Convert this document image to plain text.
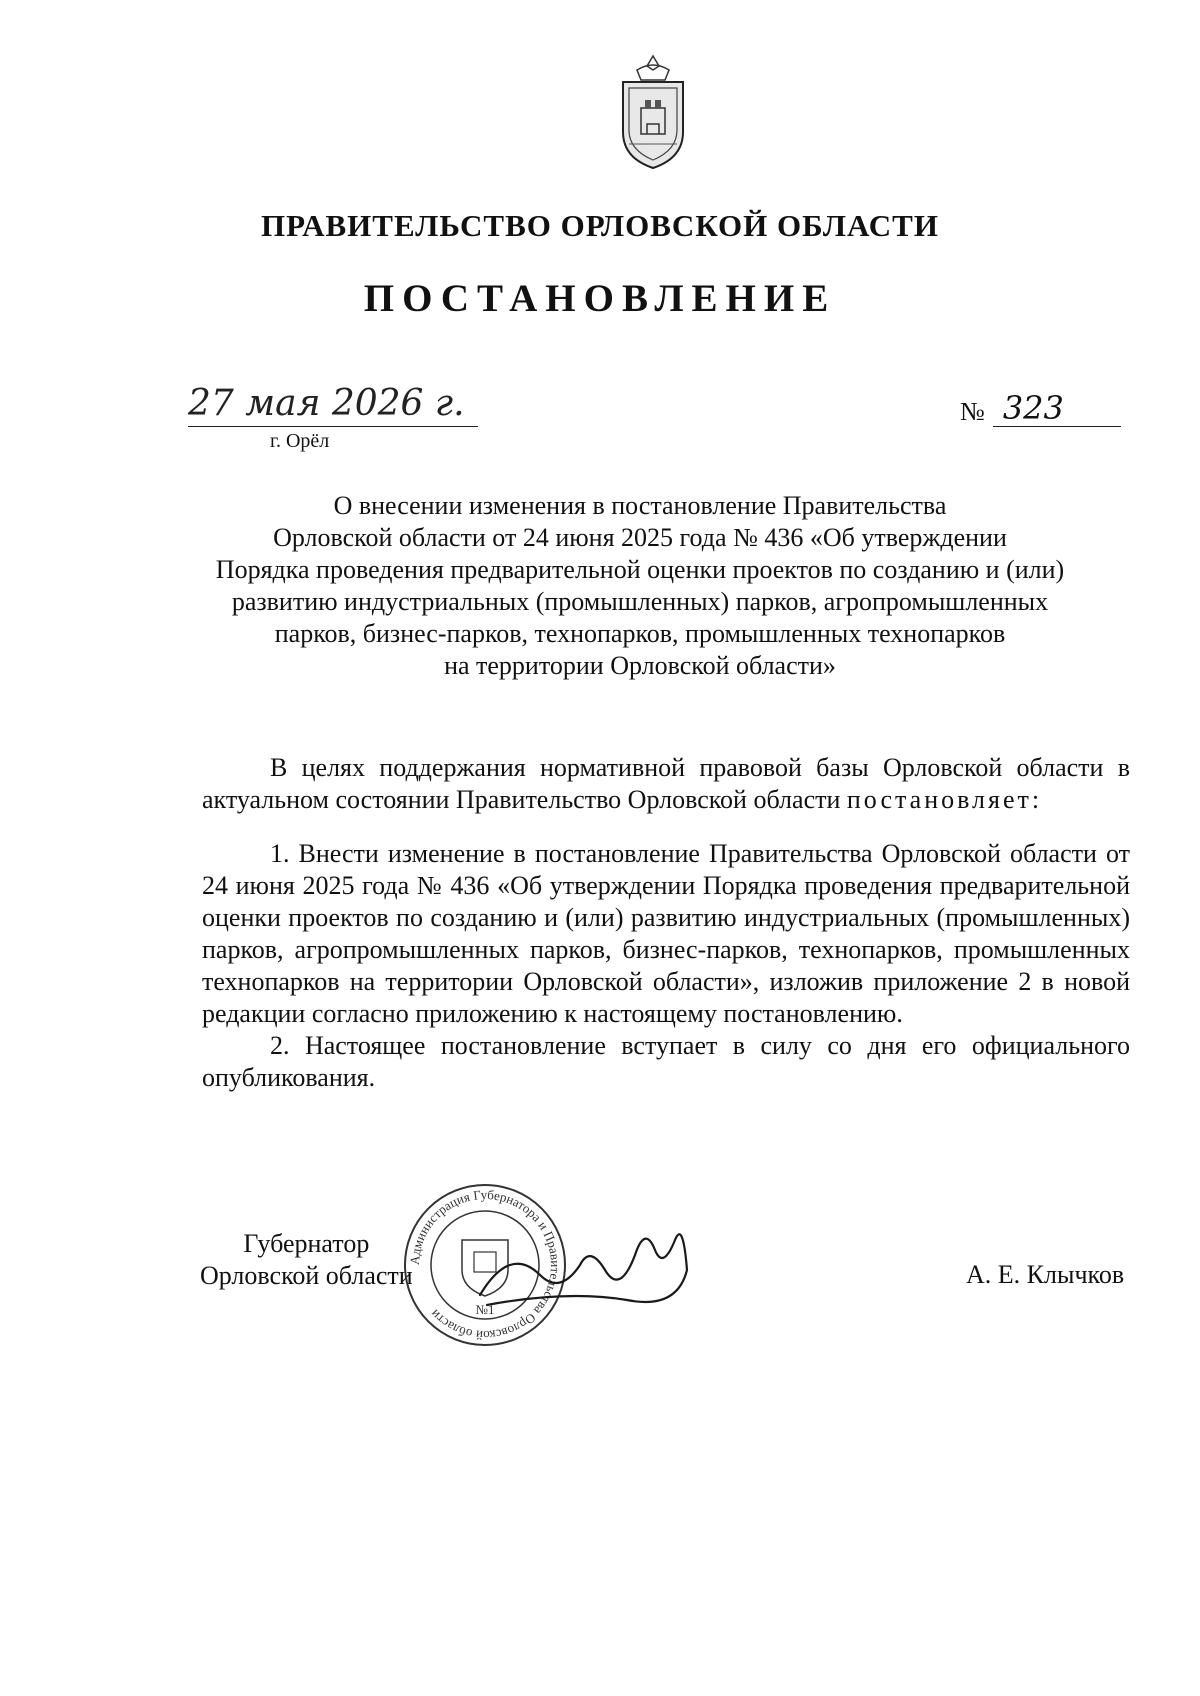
ПРАВИТЕЛЬСТВО ОРЛОВСКОЙ ОБЛАСТИ
ПОСТАНОВЛЕНИЕ
27 мая 2026 г.
г. Орёл
№ 323
О внесении изменения в постановление Правительства
Орловской области от 24 июня 2025 года № 436 «Об утверждении
Порядка проведения предварительной оценки проектов по созданию и (или)
развитию индустриальных (промышленных) парков, агропромышленных
парков, бизнес-парков, технопарков, промышленных технопарков
на территории Орловской области»

В целях поддержания нормативной правовой базы Орловской области в актуальном состоянии Правительство Орловской области постановляет:

1. Внести изменение в постановление Правительства Орловской области от 24 июня 2025 года № 436 «Об утверждении Порядка проведения предварительной оценки проектов по созданию и (или) развитию индустриальных (промышленных) парков, агропромышленных парков, бизнес-парков, технопарков, промышленных технопарков на территории Орловской области», изложив приложение 2 в новой редакции согласно приложению к настоящему постановлению.

2. Настоящее постановление вступает в силу со дня его официального опубликования.

Губернатор
Орловской области
Администрация Губернатора и Правительства Орловской области	№1
А. Е. Клычков
